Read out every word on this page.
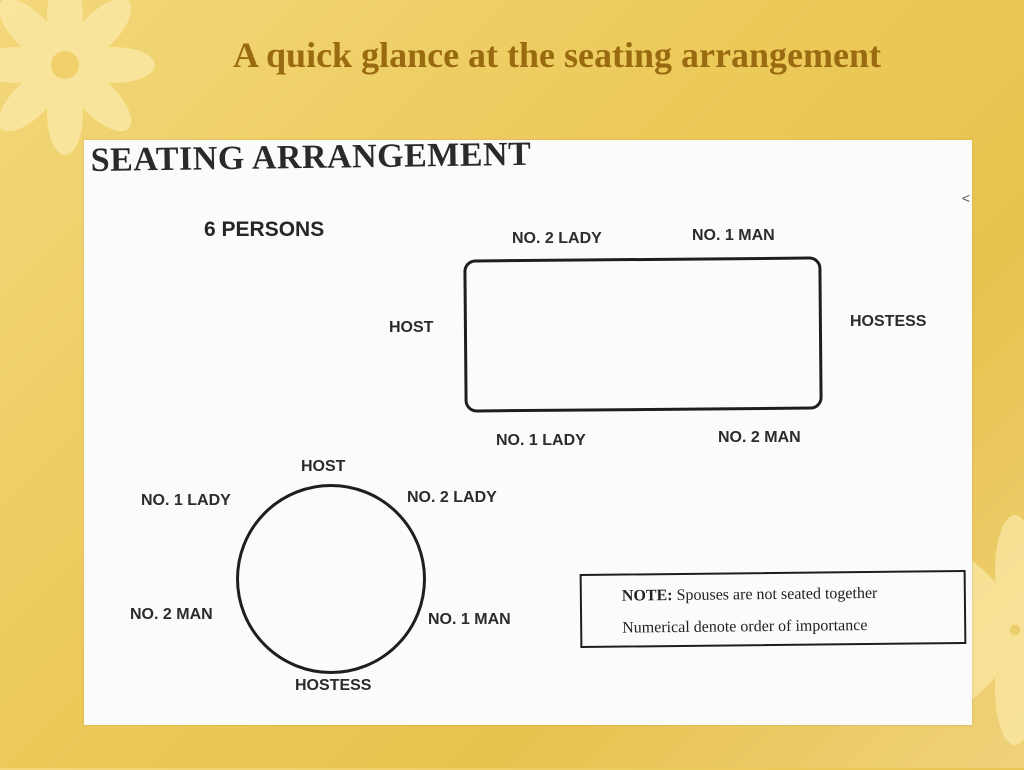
A quick glance at the seating arrangement
SEATING ARRANGEMENT
6 PERSONS
<
NO. 2 LADY	NO. 1 MAN
HOST	HOSTESS
NO. 1 LADY	NO. 2 MAN
HOST
NO. 1 LADY	NO. 2 LADY
NO. 2 MAN	NO. 1 MAN
HOSTESS
NOTE: Spouses are not seated together
Numerical denote order of importance
